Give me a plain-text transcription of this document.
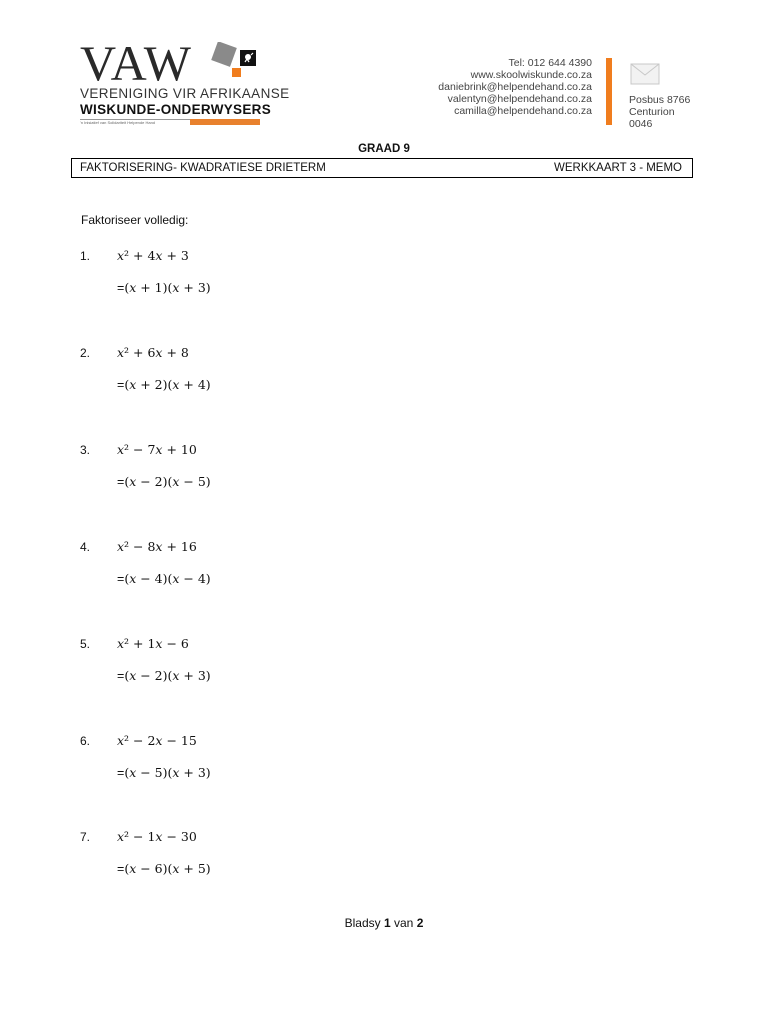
VAW
VERENIGING VIR AFRIKAANSE
WISKUNDE-ONDERWYSERS
'n Inisiatief van Solidariteit Helpende Hand
Tel: 012 644 4390
www.skoolwiskunde.co.za
daniebrink@helpendehand.co.za
valentyn@helpendehand.co.za
camilla@helpendehand.co.za
Posbus 8766
Centurion
0046
GRAAD 9
FAKTORISERING- KWADRATIESE DRIETERM	WERKKAART 3 - MEMO
Faktoriseer volledig:
1. 𝑥² + 4𝑥 + 3
=(𝑥 + 1)(𝑥 + 3)
2. 𝑥² + 6𝑥 + 8
=(𝑥 + 2)(𝑥 + 4)
3. 𝑥² − 7𝑥 + 10
=(𝑥 − 2)(𝑥 − 5)
4. 𝑥² − 8𝑥 + 16
=(𝑥 − 4)(𝑥 − 4)
5. 𝑥² + 1𝑥 − 6
=(𝑥 − 2)(𝑥 + 3)
6. 𝑥² − 2𝑥 − 15
=(𝑥 − 5)(𝑥 + 3)
7. 𝑥² − 1𝑥 − 30
=(𝑥 − 6)(𝑥 + 5)
Bladsy 1 van 2
